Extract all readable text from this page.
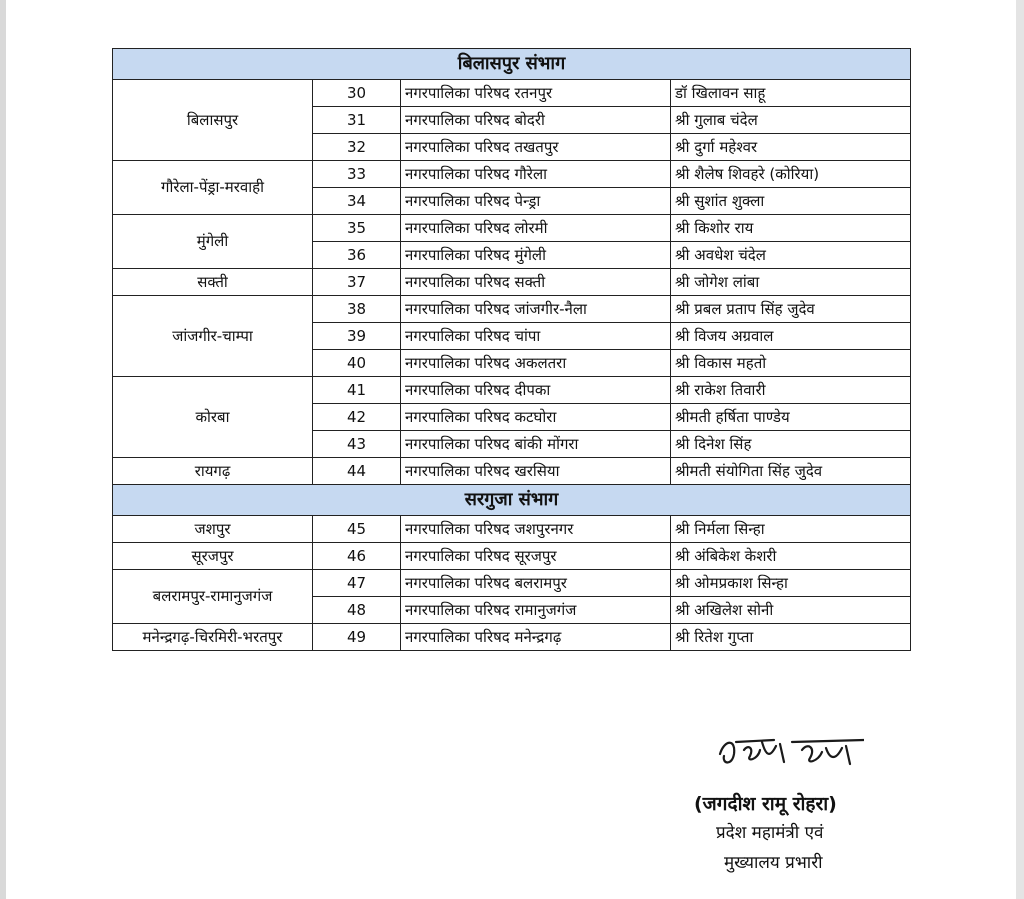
बिलासपुर संभाग			
बिलासपुर	30	नगरपालिका परिषद रतनपुर	डॉ खिलावन साहू
	31	नगरपालिका परिषद बोदरी	श्री गुलाब चंदेल
	32	नगरपालिका परिषद तखतपुर	श्री दुर्गा महेश्वर
गौरेला-पेंड्रा-मरवाही	33	नगरपालिका परिषद गौरेला	श्री शैलेष शिवहरे (कोरिया)
	34	नगरपालिका परिषद पेन्ड्रा	श्री सुशांत शुक्ला
मुंगेली	35	नगरपालिका परिषद लोरमी	श्री किशोर राय
	36	नगरपालिका परिषद मुंगेली	श्री अवधेश चंदेल
सक्ती	37	नगरपालिका परिषद सक्ती	श्री जोगेश लांबा
जांजगीर-चाम्पा	38	नगरपालिका परिषद जांजगीर-नैला	श्री प्रबल प्रताप सिंह जुदेव
	39	नगरपालिका परिषद चांपा	श्री विजय अग्रवाल
	40	नगरपालिका परिषद अकलतरा	श्री विकास महतो
कोरबा	41	नगरपालिका परिषद दीपका	श्री राकेश तिवारी
	42	नगरपालिका परिषद कटघोरा	श्रीमती हर्षिता पाण्डेय
	43	नगरपालिका परिषद बांकी मोंगरा	श्री दिनेश सिंह
रायगढ़	44	नगरपालिका परिषद खरसिया	श्रीमती संयोगिता सिंह जुदेव
सरगुजा संभाग			
जशपुर	45	नगरपालिका परिषद जशपुरनगर	श्री निर्मला सिन्हा
सूरजपुर	46	नगरपालिका परिषद सूरजपुर	श्री अंबिकेश केशरी
बलरामपुर-रामानुजगंज	47	नगरपालिका परिषद बलरामपुर	श्री ओमप्रकाश सिन्हा
	48	नगरपालिका परिषद रामानुजगंज	श्री अखिलेश सोनी
मनेन्द्रगढ़-चिरमिरी-भरतपुर	49	नगरपालिका परिषद मनेन्द्रगढ़	श्री रितेश गुप्ता
(जगदीश रामू रोहरा)
प्रदेश महामंत्री एवं
मुख्यालय प्रभारी
